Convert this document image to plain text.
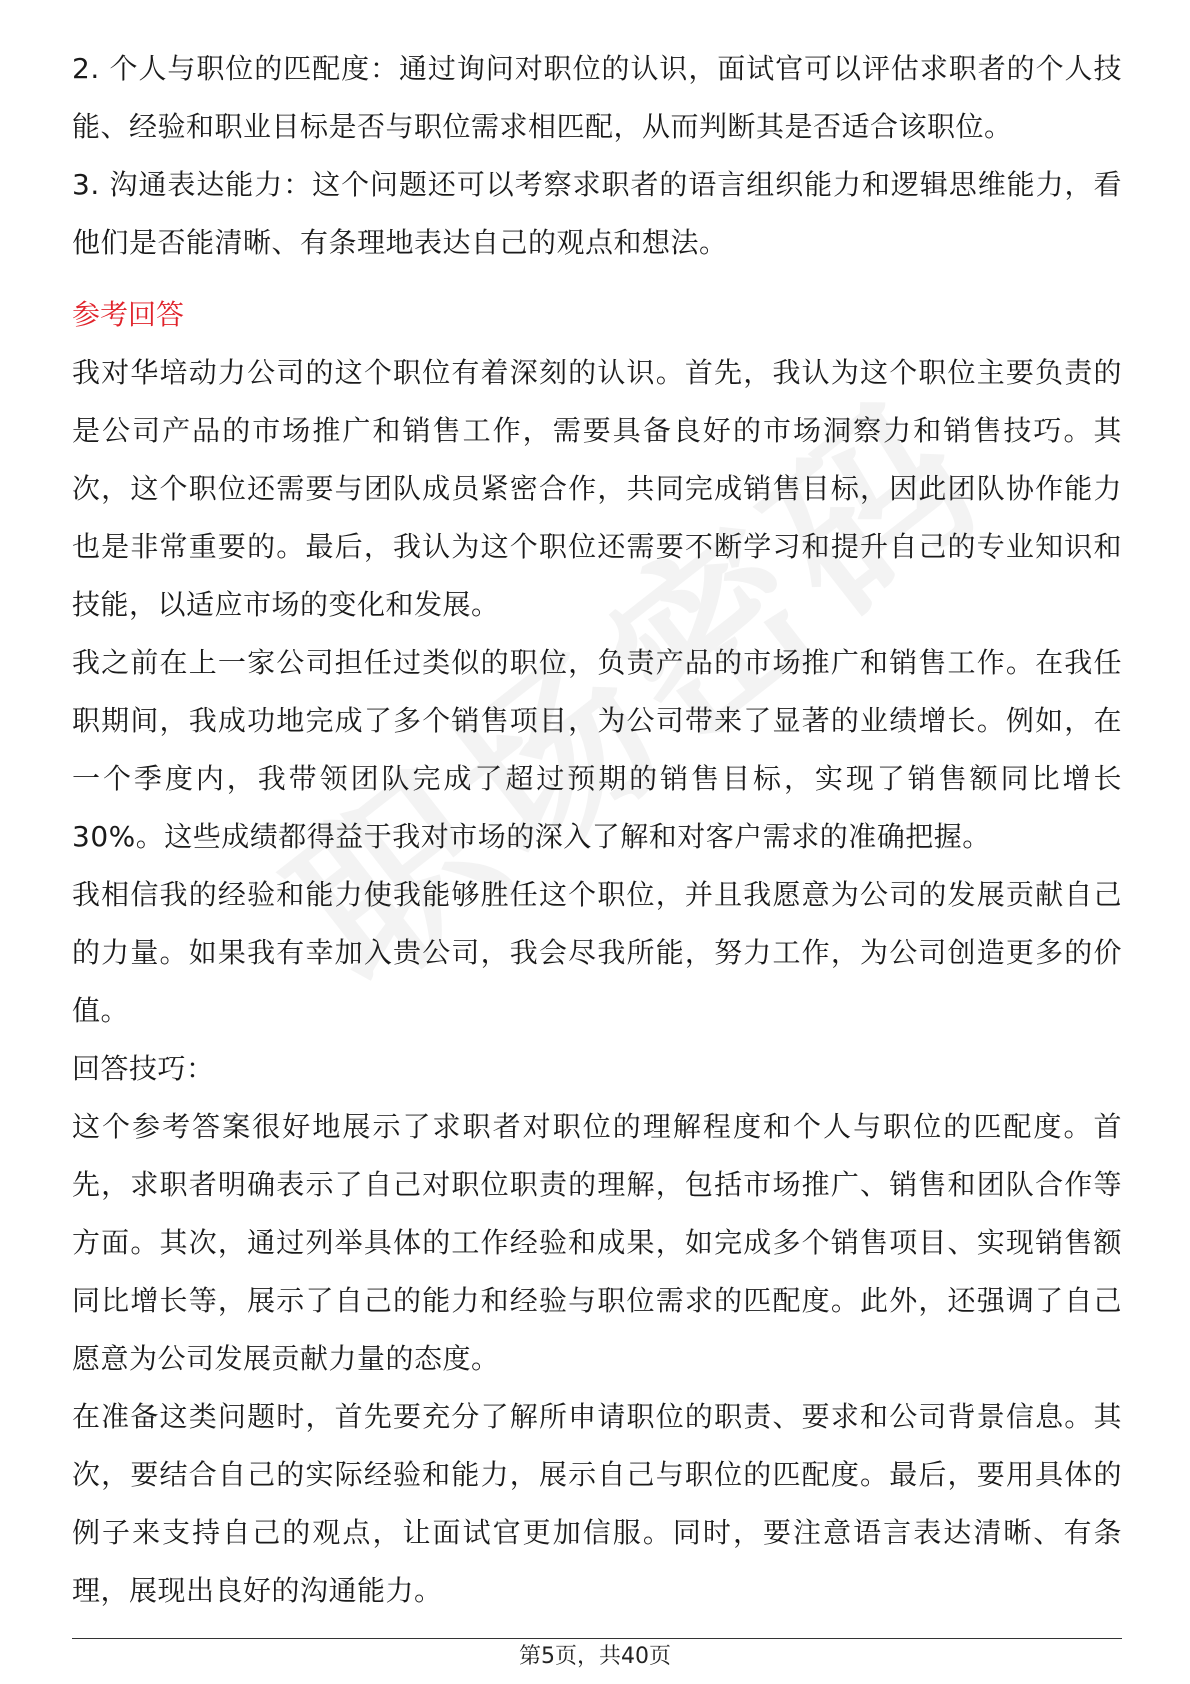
2. 个人与职位的匹配度：通过询问对职位的认识，面试官可以评估求职者的个人技能、经验和职业目标是否与职位需求相匹配，从而判断其是否适合该职位。

3. 沟通表达能力：这个问题还可以考察求职者的语言组织能力和逻辑思维能力，看他们是否能清晰、有条理地表达自己的观点和想法。

参考回答

我对华培动力公司的这个职位有着深刻的认识。首先，我认为这个职位主要负责的是公司产品的市场推广和销售工作，需要具备良好的市场洞察力和销售技巧。其次，这个职位还需要与团队成员紧密合作，共同完成销售目标，因此团队协作能力也是非常重要的。最后，我认为这个职位还需要不断学习和提升自己的专业知识和技能，以适应市场的变化和发展。

我之前在上一家公司担任过类似的职位，负责产品的市场推广和销售工作。在我任职期间，我成功地完成了多个销售项目，为公司带来了显著的业绩增长。例如，在一个季度内，我带领团队完成了超过预期的销售目标，实现了销售额同比增长30%。这些成绩都得益于我对市场的深入了解和对客户需求的准确把握。

我相信我的经验和能力使我能够胜任这个职位，并且我愿意为公司的发展贡献自己的力量。如果我有幸加入贵公司，我会尽我所能，努力工作，为公司创造更多的价值。

回答技巧：

这个参考答案很好地展示了求职者对职位的理解程度和个人与职位的匹配度。首先，求职者明确表示了自己对职位职责的理解，包括市场推广、销售和团队合作等方面。其次，通过列举具体的工作经验和成果，如完成多个销售项目、实现销售额同比增长等，展示了自己的能力和经验与职位需求的匹配度。此外，还强调了自己愿意为公司发展贡献力量的态度。

在准备这类问题时，首先要充分了解所申请职位的职责、要求和公司背景信息。其次，要结合自己的实际经验和能力，展示自己与职位的匹配度。最后，要用具体的例子来支持自己的观点，让面试官更加信服。同时，要注意语言表达清晰、有条理，展现出良好的沟通能力。

第5页，共40页
